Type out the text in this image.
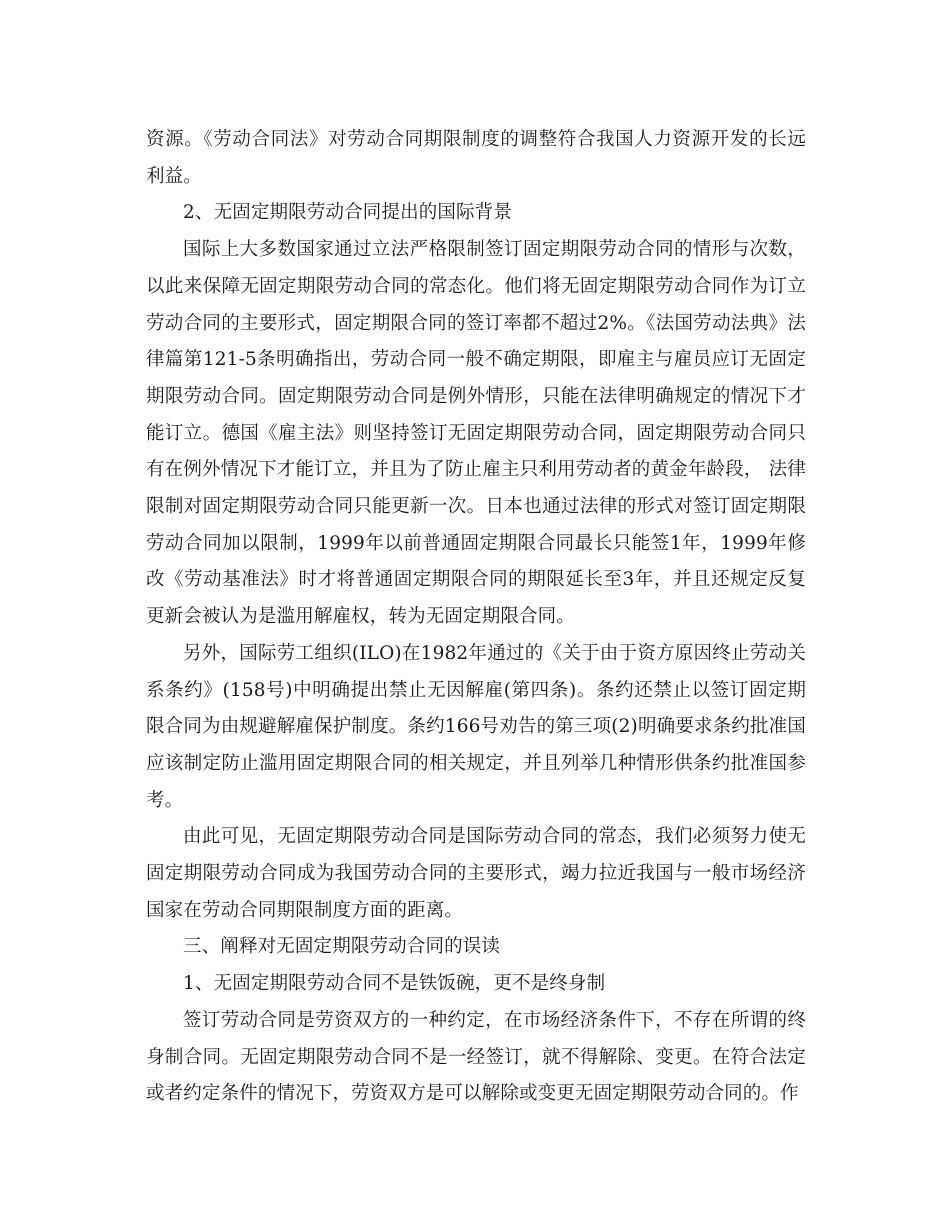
资源。《劳动合同法》对劳动合同期限制度的调整符合我国人力资源开发的长远利益。

2、无固定期限劳动合同提出的国际背景

国际上大多数国家通过立法严格限制签订固定期限劳动合同的情形与次数，以此来保障无固定期限劳动合同的常态化。他们将无固定期限劳动合同作为订立劳动合同的主要形式，固定期限合同的签订率都不超过2%。《法国劳动法典》法律篇第121-5条明确指出，劳动合同一般不确定期限，即雇主与雇员应订无固定期限劳动合同。固定期限劳动合同是例外情形，只能在法律明确规定的情况下才能订立。德国《雇主法》则坚持签订无固定期限劳动合同，固定期限劳动合同只有在例外情况下才能订立，并且为了防止雇主只利用劳动者的黄金年龄段， 法律限制对固定期限劳动合同只能更新一次。日本也通过法律的形式对签订固定期限劳动合同加以限制，1999年以前普通固定期限合同最长只能签1年，1999年修改《劳动基准法》时才将普通固定期限合同的期限延长至3年，并且还规定反复更新会被认为是滥用解雇权，转为无固定期限合同。

另外，国际劳工组织(ILO)在1982年通过的《关于由于资方原因终止劳动关系条约》(158号)中明确提出禁止无因解雇(第四条)。条约还禁止以签订固定期限合同为由规避解雇保护制度。条约166号劝告的第三项(2)明确要求条约批准国应该制定防止滥用固定期限合同的相关规定，并且列举几种情形供条约批准国参考。

由此可见，无固定期限劳动合同是国际劳动合同的常态，我们必须努力使无固定期限劳动合同成为我国劳动合同的主要形式，竭力拉近我国与一般市场经济国家在劳动合同期限制度方面的距离。

三、阐释对无固定期限劳动合同的误读

1、无固定期限劳动合同不是铁饭碗，更不是终身制

签订劳动合同是劳资双方的一种约定，在市场经济条件下，不存在所谓的终身制合同。无固定期限劳动合同不是一经签订，就不得解除、变更。在符合法定或者约定条件的情况下，劳资双方是可以解除或变更无固定期限劳动合同的。作
